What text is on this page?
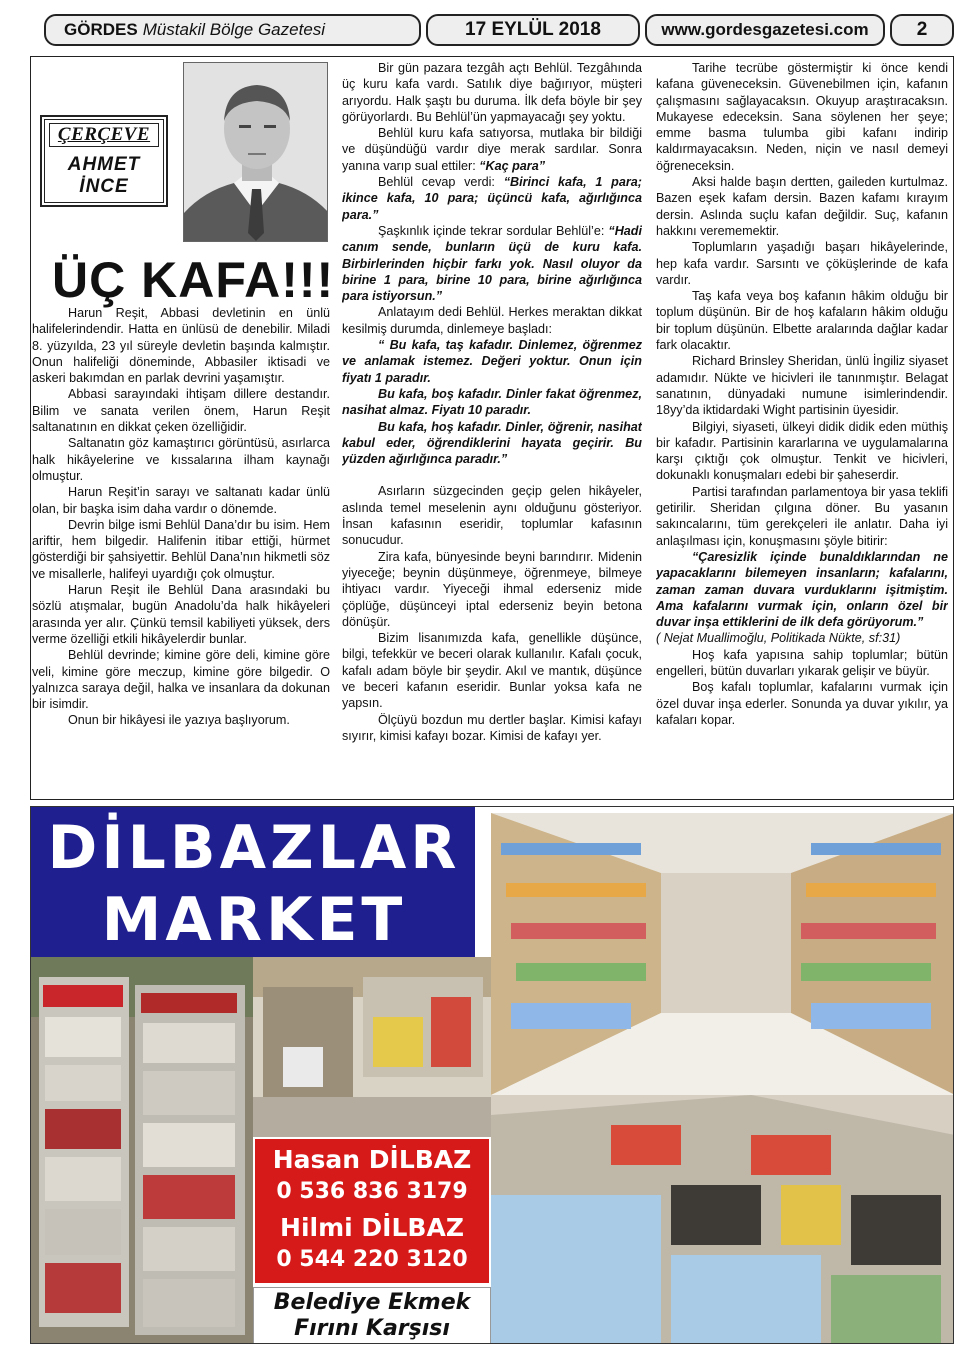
GÖRDES Müstakil Bölge Gazetesi	17 EYLÜL 2018	www.gordesgazetesi.com	2
ÇERÇEVE
AHMET
İNCE
ÜÇ KAFA!!!

Harun Reşit, Abbasi devletinin en ünlü halifelerindendir. Hatta en ünlüsü de denebilir. Miladi 8. yüzyılda, 23 yıl süreyle devletin başında kalmıştır. Onun halifeliği döneminde, Abbasiler iktisadi ve askeri bakımdan en parlak devrini yaşamıştır.

Abbasi sarayındaki ihtişam dillere destandır. Bilim ve sanata verilen önem, Harun Reşit saltanatının en dikkat çeken özelliğidir.

Saltanatın göz kamaştırıcı görüntüsü, asırlarca halk hikâyelerine ve kıssalarına ilham kaynağı olmuştur.

Harun Reşit’in sarayı ve saltanatı kadar ünlü olan, bir başka isim daha vardır o dönemde.

Devrin bilge ismi Behlül Dana’dır bu isim. Hem ariftir, hem bilgedir. Halifenin itibar ettiği, hürmet gösterdiği bir şahsiyettir. Behlül Dana’nın hikmetli söz ve misallerle, halifeyi uyardığı çok olmuştur.

Harun Reşit ile Behlül Dana arasındaki bu sözlü atışmalar, bugün Anadolu’da halk hikâyeleri arasında yer alır. Çünkü temsil kabiliyeti yüksek, ders verme özelliği etkili hikâyelerdir bunlar.

Behlül devrinde; kimine göre deli, kimine göre veli, kimine göre meczup, kimine göre bilgedir. O yalnızca saraya değil, halka ve insanlara da dokunan bir isimdir.

Onun bir hikâyesi ile yazıya başlıyorum.

Bir gün pazara tezgâh açtı Behlül. Tezgâhında üç kuru kafa vardı. Satılık diye bağırıyor, müşteri arıyordu. Halk şaştı bu duruma. İlk defa böyle bir şey görüyorlardı. Bu Behlül’ün yapmayacağı şey yoktu.

Behlül kuru kafa satıyorsa, mutlaka bir bildiği ve düşündüğü vardır diye merak sardılar. Sonra yanına varıp sual ettiler: “Kaç para”

Behlül cevap verdi: “Birinci kafa, 1 para; ikince kafa, 10 para; üçüncü kafa, ağırlığınca para.”

Şaşkınlık içinde tekrar sordular Behlül’e: “Hadi canım sende, bunların üçü de kuru kafa. Birbirlerinden hiçbir farkı yok. Nasıl oluyor da birine 1 para, birine 10 para, birine ağırlığınca para istiyorsun.”

Anlatayım dedi Behlül. Herkes meraktan dikkat kesilmiş durumda, dinlemeye başladı:

“ Bu kafa, taş kafadır. Dinlemez, öğrenmez ve anlamak istemez. Değeri yoktur. Onun için fiyatı 1 paradır.

Bu kafa, boş kafadır. Dinler fakat öğrenmez, nasihat almaz. Fiyatı 10 paradır.

Bu kafa, hoş kafadır. Dinler, öğrenir, nasihat kabul eder, öğrendiklerini hayata geçirir. Bu yüzden ağırlığınca paradır.”

Asırların süzgecinden geçip gelen hikâyeler, aslında temel meselenin aynı olduğunu gösteriyor. İnsan kafasının eseridir, toplumlar kafasının sonucudur.

Zira kafa, bünyesinde beyni barındırır. Midenin yiyeceğe; beynin düşünmeye, öğrenmeye, bilmeye ihtiyacı vardır. Yiyeceği ihmal ederseniz mide çöplüğe, düşünceyi iptal ederseniz beyin betona dönüşür.

Bizim lisanımızda kafa, genellikle düşünce, bilgi, tefekkür ve beceri olarak kullanılır. Kafalı çocuk, kafalı adam böyle bir şeydir. Akıl ve mantık, düşünce ve beceri kafanın eseridir. Bunlar yoksa kafa ne yapsın.

Ölçüyü bozdun mu dertler başlar. Kimisi kafayı sıyırır, kimisi kafayı bozar. Kimisi de kafayı yer.

Tarihe tecrübe göstermiştir ki önce kendi kafana güveneceksin. Güvenebilmen için, kafanın çalışmasını sağlayacaksın. Okuyup araştıracaksın. Mukayese edeceksin. Sana söylenen her şeye; emme basma tulumba gibi kafanı indirip kaldırmayacaksın. Neden, niçin ve nasıl demeyi öğreneceksin.

Aksi halde başın dertten, gaileden kurtulmaz. Bazen eşek kafam dersin. Bazen kafamı kırayım dersin. Aslında suçlu kafan değildir. Suç, kafanın hakkını verememektir.

Toplumların yaşadığı başarı hikâyelerinde, hep kafa vardır. Sarsıntı ve çöküşlerinde de kafa vardır.

Taş kafa veya boş kafanın hâkim olduğu bir toplum düşünün. Bir de hoş kafaların hâkim olduğu bir toplum düşünün. Elbette aralarında dağlar kadar fark olacaktır.

Richard Brinsley Sheridan, ünlü İngiliz siyaset adamıdır. Nükte ve hicivleri ile tanınmıştır. Belagat sanatının, dünyadaki numune isimlerindendir. 18yy’da iktidardaki Wight partisinin üyesidir.

Bilgiyi, siyaseti, ülkeyi didik didik eden müthiş bir kafadır. Partisinin kararlarına ve uygulamalarına karşı çıktığı çok olmuştur. Tenkit ve hicivleri, dokunaklı konuşmaları edebi bir şaheserdir.

Partisi tarafından parlamentoya bir yasa teklifi getirilir. Sheridan çılgına döner. Bu yasanın sakıncalarını, tüm gerekçeleri ile anlatır. Daha iyi anlaşılması için, konuşmasını şöyle bitirir:

“Çaresizlik içinde bunaldıklarından ne yapacaklarını bilemeyen insanların; kafalarını, zaman zaman duvara vurduklarını işitmiştim. Ama kafalarını vurmak için, onların özel bir duvar inşa ettiklerini de ilk defa görüyorum.”

( Nejat Muallimoğlu, Politikada Nükte, sf:31)

Hoş kafa yapısına sahip toplumlar; bütün engelleri, bütün duvarları yıkarak gelişir ve büyür.

Boş kafalı toplumlar, kafalarını vurmak için özel duvar inşa ederler. Sonunda ya duvar yıkılır, ya kafaları kopar.

DİLBAZLAR
MARKET
Hasan DİLBAZ
0 536 836 3179
Hilmi DİLBAZ
0 544 220 3120
Belediye Ekmek
Fırını Karşısı
